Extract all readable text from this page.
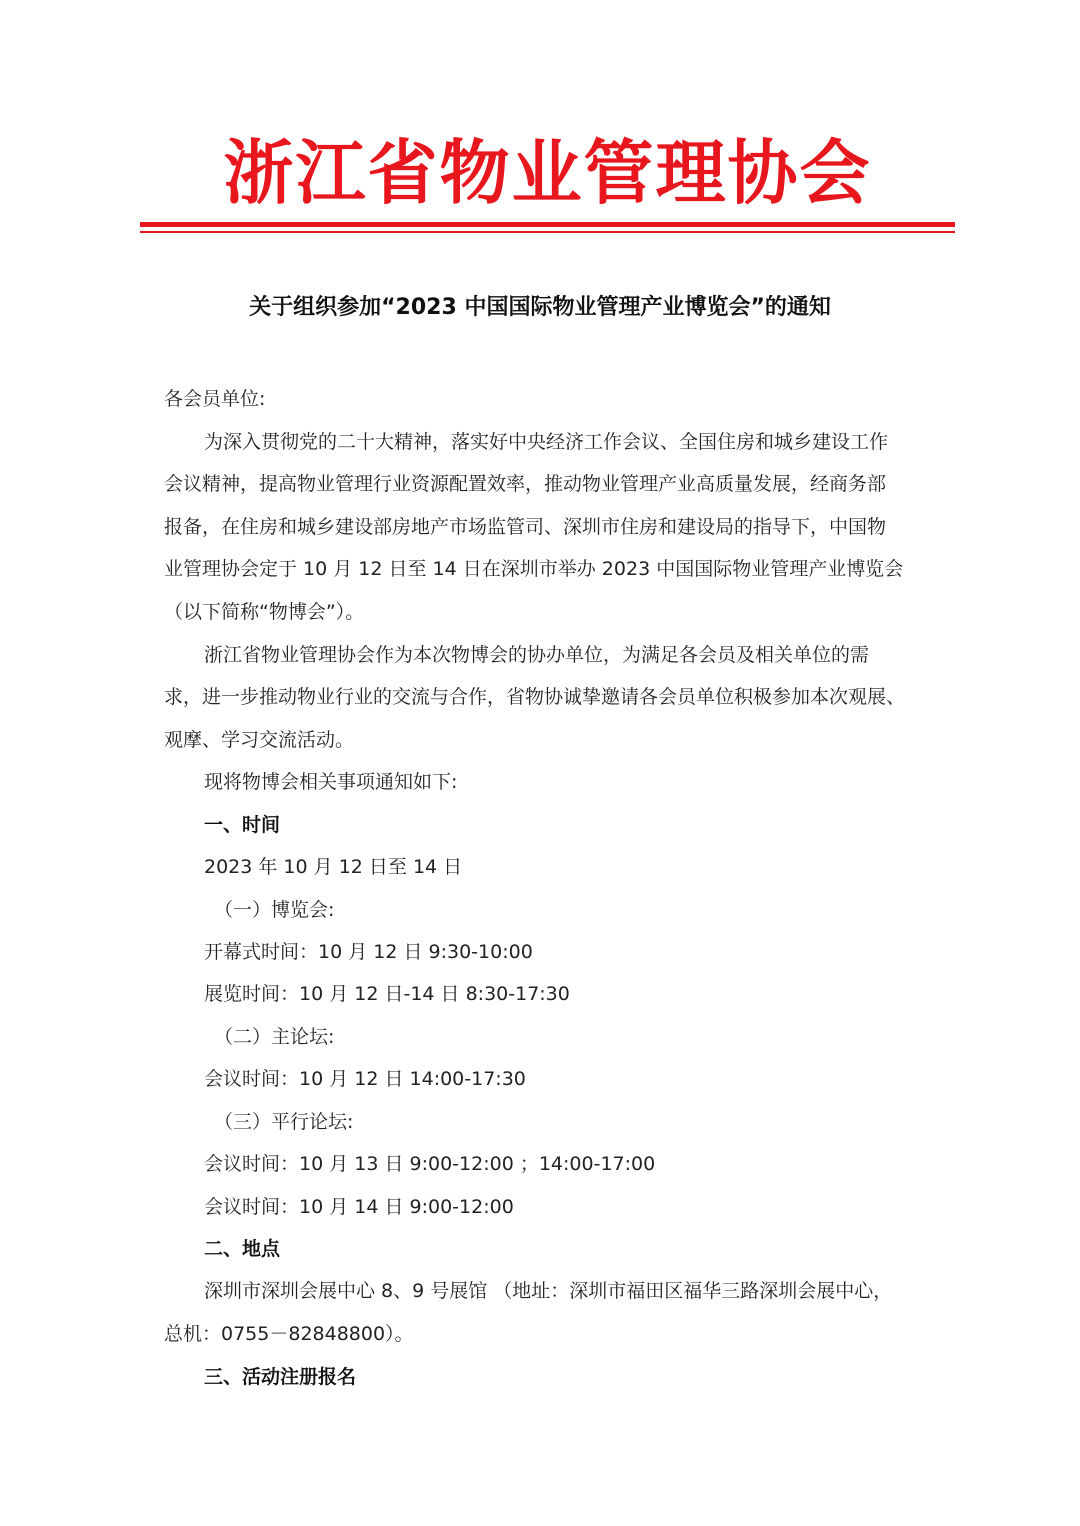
浙江省物业管理协会
关于组织参加“2023 中国国际物业管理产业博览会”的通知
各会员单位:
为深入贯彻党的二十大精神，落实好中央经济工作会议、全国住房和城乡建设工作
会议精神，提高物业管理行业资源配置效率，推动物业管理产业高质量发展，经商务部
报备，在住房和城乡建设部房地产市场监管司、深圳市住房和建设局的指导下，中国物
业管理协会定于 10 月 12 日至 14 日在深圳市举办 2023 中国国际物业管理产业博览会
（以下简称“物博会”）。
浙江省物业管理协会作为本次物博会的协办单位，为满足各会员及相关单位的需
求，进一步推动物业行业的交流与合作，省物协诚挚邀请各会员单位积极参加本次观展、
观摩、学习交流活动。
现将物博会相关事项通知如下:
一、时间
2023 年 10 月 12 日至 14 日
（一）博览会:
开幕式时间：10 月 12 日 9:30-10:00
展览时间：10 月 12 日-14 日 8:30-17:30
（二）主论坛:
会议时间：10 月 12 日 14:00-17:30
（三）平行论坛:
会议时间：10 月 13 日 9:00-12:00 ；14:00-17:00
会议时间：10 月 14 日 9:00-12:00
二、地点
深圳市深圳会展中心 8、9 号展馆 （地址：深圳市福田区福华三路深圳会展中心，
总机：0755－82848800）。
三、活动注册报名
